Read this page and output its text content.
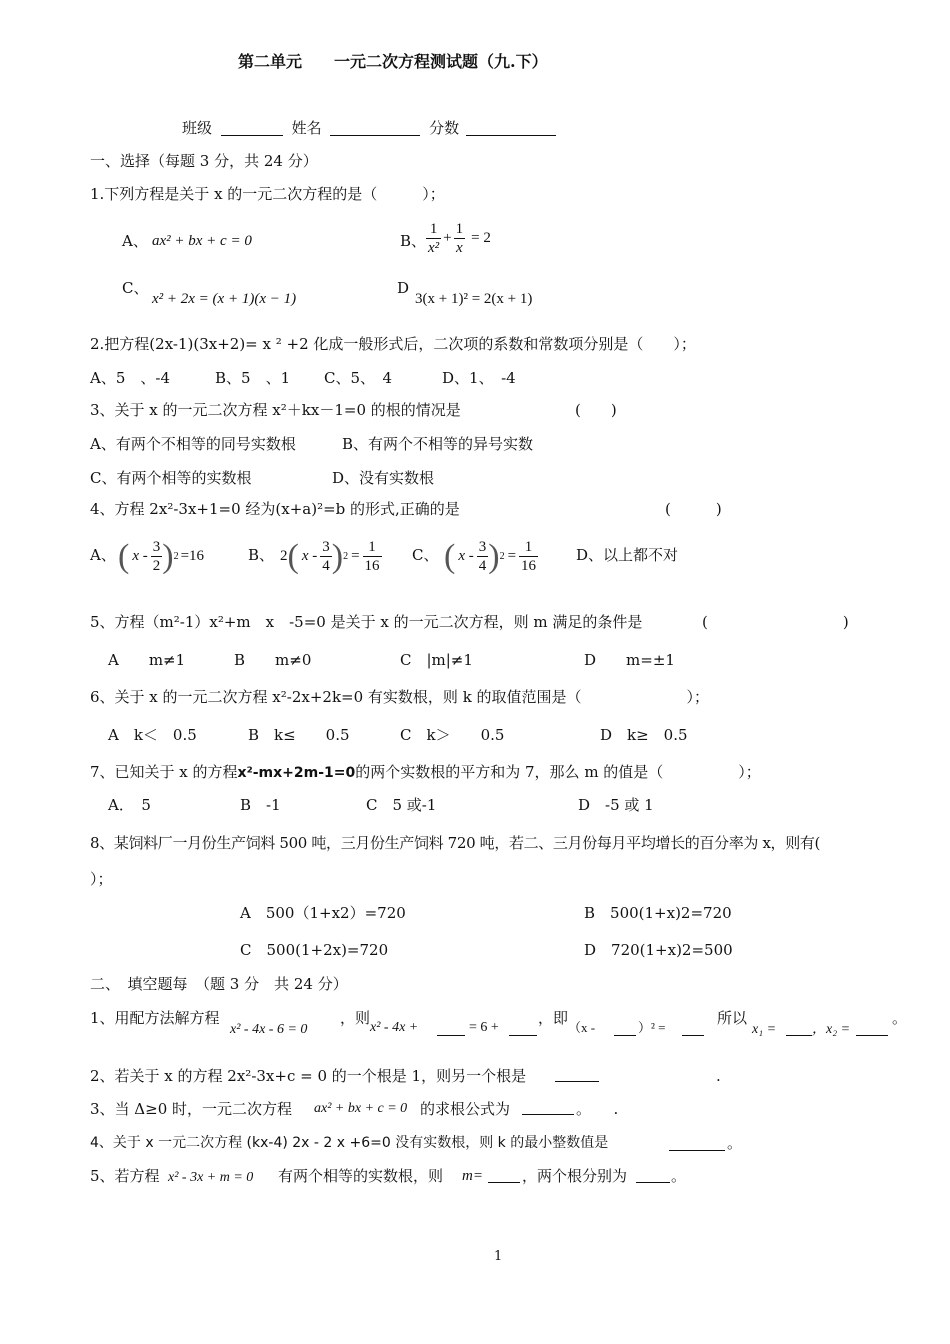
第二单元　　一元二次方程测试题（九.下）
班级	姓名	分数
一、选择（每题 3 分，共 24 分）
1.下列方程是关于 x 的一元二次方程的是（　　　）；
A、 ax² + bx + c = 0	B、 $\frac{1}{\text{x²}} + \frac{1}{x} = 2$
C、
x² + 2x = (x + 1)(x − 1)
D
3(x + 1)² = 2(x + 1)
2.把方程(2x-1)(3x+2)= x ² +2 化成一般形式后，二次项的系数和常数项分别是（　　）；
A、5　、-4	B、5　、1 C、5、　4	D、1、　-4
3、关于 x 的一元二次方程 x²＋kx－1=0 的根的情况是	(　　)
A、有两个不相等的同号实数根	B、有两个不相等的异号实数
C、有两个相等的实数根	D、没有实数根
4、方程 2x²-3x+1=0 经为(x+a)²=b 的形式,正确的是	(　　　)
A、 ( x - $\frac{3}{2}$ ) 2 =16	B、 2 ( x - $\frac{3}{4}$ ) $2 = \frac{1}{16}$ C、 ( x - $\frac{3}{4}$ ) $2 = \frac{1}{16}$	D、以上都不对
5、方程（m²-1）x²+m　x　-5=0 是关于 x 的一元二次方程，则 m 满足的条件是	(　　　　　　　　　)
A　　m≠1	B　　m≠0	C　|m|≠1	D　　m=±1
6、关于 x 的一元二次方程 x²-2x+2k=0 有实数根，则 k 的取值范围是（　　　　　　　）；
A　k＜　0.5	B　k≤　　0.5	C　k＞　　0.5	D　k≥　0.5
7、已知关于 x 的方程x²-mx+2m-1=0的两个实数根的平方和为 7，那么 m 的值是（　　　　　）；
A．　5	B　-1	C　5 或-1	D　-5 或 1
8、某饲料厂一月份生产饲料 500 吨，三月份生产饲料 720 吨，若二、三月份每月平均增长的百分率为 x，则有(
）；
A　500（1+x2）=720	B　500(1+x)2=720
C　500(1+2x)=720	D　720(1+x)2=500
二、　填空题每　（题 3 分　共 24 分）
1、用配方法解方程
x² - 4x - 6 = 0
，则
x² - 4x +	= 6 +
，即
（x -	）² =
所以
x₁ =	，x₂ =
。
2、若关于 x 的方程 2x²-3x+c = 0 的一个根是 1，则另一个根是	.
3、当 Δ≥0 时，一元二次方程 ax² + bx + c = 0 的求根公式为	。　　.
4、关于 x 一元二次方程 (kx-4) 2x - 2 x +6=0 没有实数根，则 k 的最小整数值是	。
5、若方程 x² - 3x + m = 0 有两个相等的实数根，则 m=	，两个根分别为	。
1
